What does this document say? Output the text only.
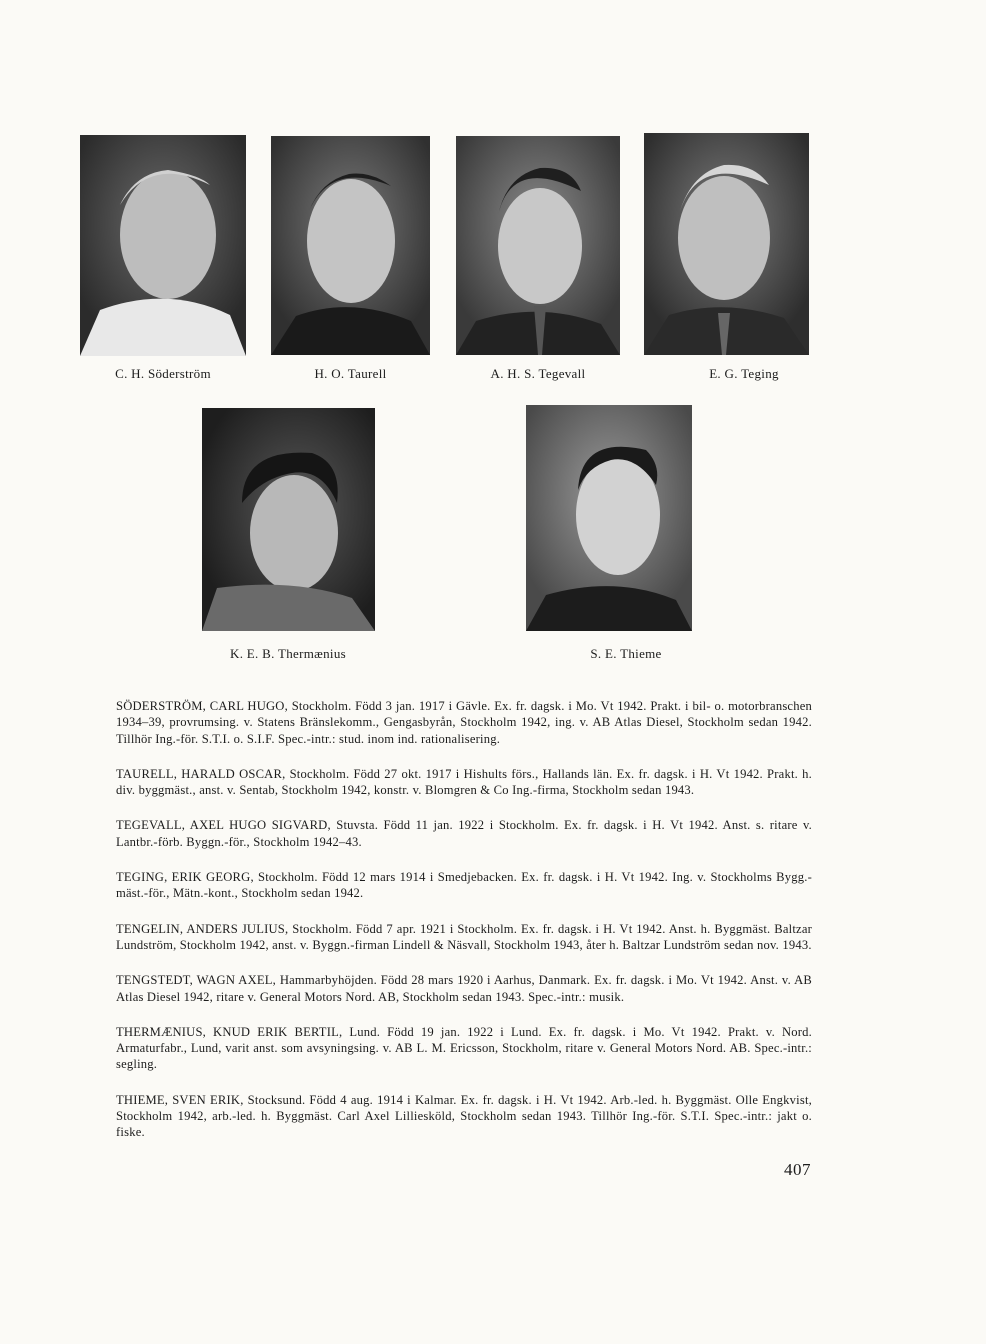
C. H. Söderström	H. O. Taurell	A. H. S. Tegevall	E. G. Teging
K. E. B. Thermænius	S. E. Thieme

SÖDERSTRÖM, CARL HUGO, Stockholm. Född 3 jan. 1917 i Gävle. Ex. fr. dagsk. i Mo. Vt 1942. Prakt. i bil- o. motorbranschen 1934–39, provrumsing. v. Statens Bränslekomm., Gengasbyrån, Stockholm 1942, ing. v. AB Atlas Diesel, Stockholm sedan 1942. Tillhör Ing.-för. S.T.I. o. S.I.F. Spec.-intr.: stud. inom ind. rationalisering.

TAURELL, HARALD OSCAR, Stockholm. Född 27 okt. 1917 i Hishults förs., Hallands län. Ex. fr. dagsk. i H. Vt 1942. Prakt. h. div. byggmäst., anst. v. Sentab, Stockholm 1942, konstr. v. Blomgren & Co Ing.-firma, Stockholm sedan 1943.

TEGEVALL, AXEL HUGO SIGVARD, Stuvsta. Född 11 jan. 1922 i Stockholm. Ex. fr. dagsk. i H. Vt 1942. Anst. s. ritare v. Lantbr.-förb. Byggn.-för., Stockholm 1942–43.

TEGING, ERIK GEORG, Stockholm. Född 12 mars 1914 i Smedjebacken. Ex. fr. dagsk. i H. Vt 1942. Ing. v. Stockholms Bygg.-mäst.-för., Mätn.-kont., Stockholm sedan 1942.

TENGELIN, ANDERS JULIUS, Stockholm. Född 7 apr. 1921 i Stockholm. Ex. fr. dagsk. i H. Vt 1942. Anst. h. Byggmäst. Baltzar Lundström, Stockholm 1942, anst. v. Byggn.-firman Lindell & Näsvall, Stockholm 1943, åter h. Baltzar Lundström sedan nov. 1943.

TENGSTEDT, WAGN AXEL, Hammarbyhöjden. Född 28 mars 1920 i Aarhus, Danmark. Ex. fr. dagsk. i Mo. Vt 1942. Anst. v. AB Atlas Diesel 1942, ritare v. General Motors Nord. AB, Stockholm sedan 1943. Spec.-intr.: musik.

THERMÆNIUS, KNUD ERIK BERTIL, Lund. Född 19 jan. 1922 i Lund. Ex. fr. dagsk. i Mo. Vt 1942. Prakt. v. Nord. Armaturfabr., Lund, varit anst. som avsyningsing. v. AB L. M. Ericsson, Stockholm, ritare v. General Motors Nord. AB. Spec.-intr.: segling.

THIEME, SVEN ERIK, Stocksund. Född 4 aug. 1914 i Kalmar. Ex. fr. dagsk. i H. Vt 1942. Arb.-led. h. Byggmäst. Olle Engkvist, Stockholm 1942, arb.-led. h. Byggmäst. Carl Axel Lilliesköld, Stockholm sedan 1943. Tillhör Ing.-för. S.T.I. Spec.-intr.: jakt o. fiske.

407
